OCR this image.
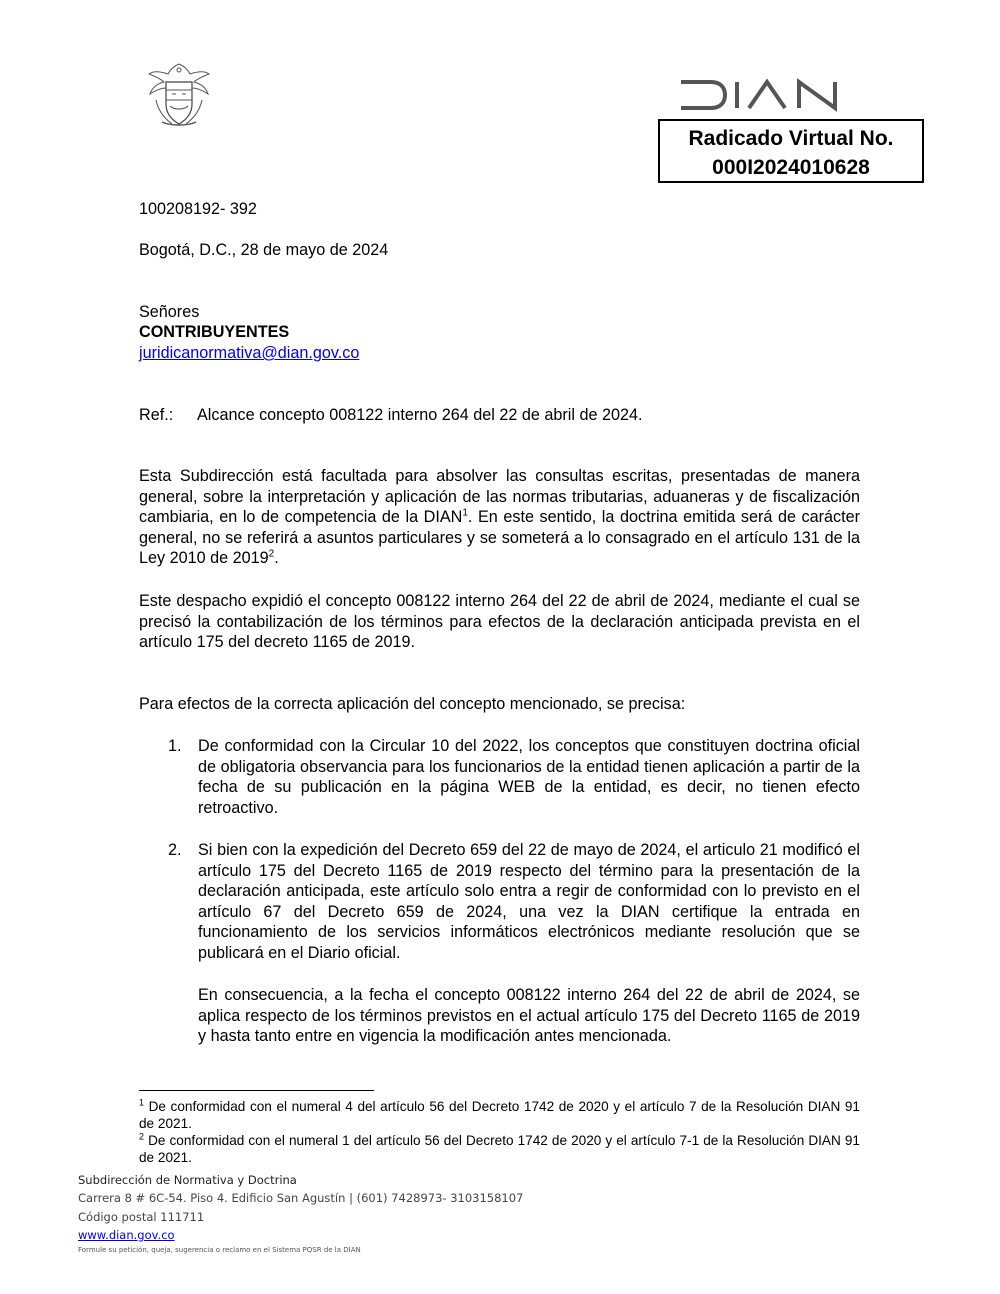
Radicado Virtual No.
000I2024010628
100208192- 392
Bogotá, D.C., 28 de mayo de 2024
Señores
CONTRIBUYENTES
juridicanormativa@dian.gov.co
Ref.: Alcance concepto 008122 interno 264 del 22 de abril de 2024.
Esta Subdirección está facultada para absolver las consultas escritas, presentadas de manera general, sobre la interpretación y aplicación de las normas tributarias, aduaneras y de fiscalización cambiaria, en lo de competencia de la DIAN$^1$. En este sentido, la doctrina emitida será de carácter general, no se referirá a asuntos particulares y se someterá a lo consagrado en el artículo 131 de la Ley 2010 de 2019$^2$.
Este despacho expidió el concepto 008122 interno 264 del 22 de abril de 2024, mediante el cual se precisó la contabilización de los términos para efectos de la declaración anticipada prevista en el artículo 175 del decreto 1165 de 2019.
Para efectos de la correcta aplicación del concepto mencionado, se precisa:
1. De conformidad con la Circular 10 del 2022, los conceptos que constituyen doctrina oficial de obligatoria observancia para los funcionarios de la entidad tienen aplicación a partir de la fecha de su publicación en la página WEB de la entidad, es decir, no tienen efecto retroactivo.
2. Si bien con la expedición del Decreto 659 del 22 de mayo de 2024, el articulo 21 modificó el artículo 175 del Decreto 1165 de 2019 respecto del término para la presentación de la declaración anticipada, este artículo solo entra a regir de conformidad con lo previsto en el artículo 67 del Decreto 659 de 2024, una vez la DIAN certifique la entrada en funcionamiento de los servicios informáticos electrónicos mediante resolución que se publicará en el Diario oficial.
En consecuencia, a la fecha el concepto 008122 interno 264 del 22 de abril de 2024, se aplica respecto de los términos previstos en el actual artículo 175 del Decreto 1165 de 2019 y hasta tanto entre en vigencia la modificación antes mencionada.
$^1$ De conformidad con el numeral 4 del artículo 56 del Decreto 1742 de 2020 y el artículo 7 de la Resolución DIAN 91 de 2021.
$^2$ De conformidad con el numeral 1 del artículo 56 del Decreto 1742 de 2020 y el artículo 7-1 de la Resolución DIAN 91 de 2021.
Subdirección de Normativa y Doctrina
Carrera 8 # 6C-54. Piso 4. Edificio San Agustín | (601) 7428973- 3103158107
Código postal 111711
www.dian.gov.co
Formule su petición, queja, sugerencia o reclamo en el Sistema PQSR de la DIAN
